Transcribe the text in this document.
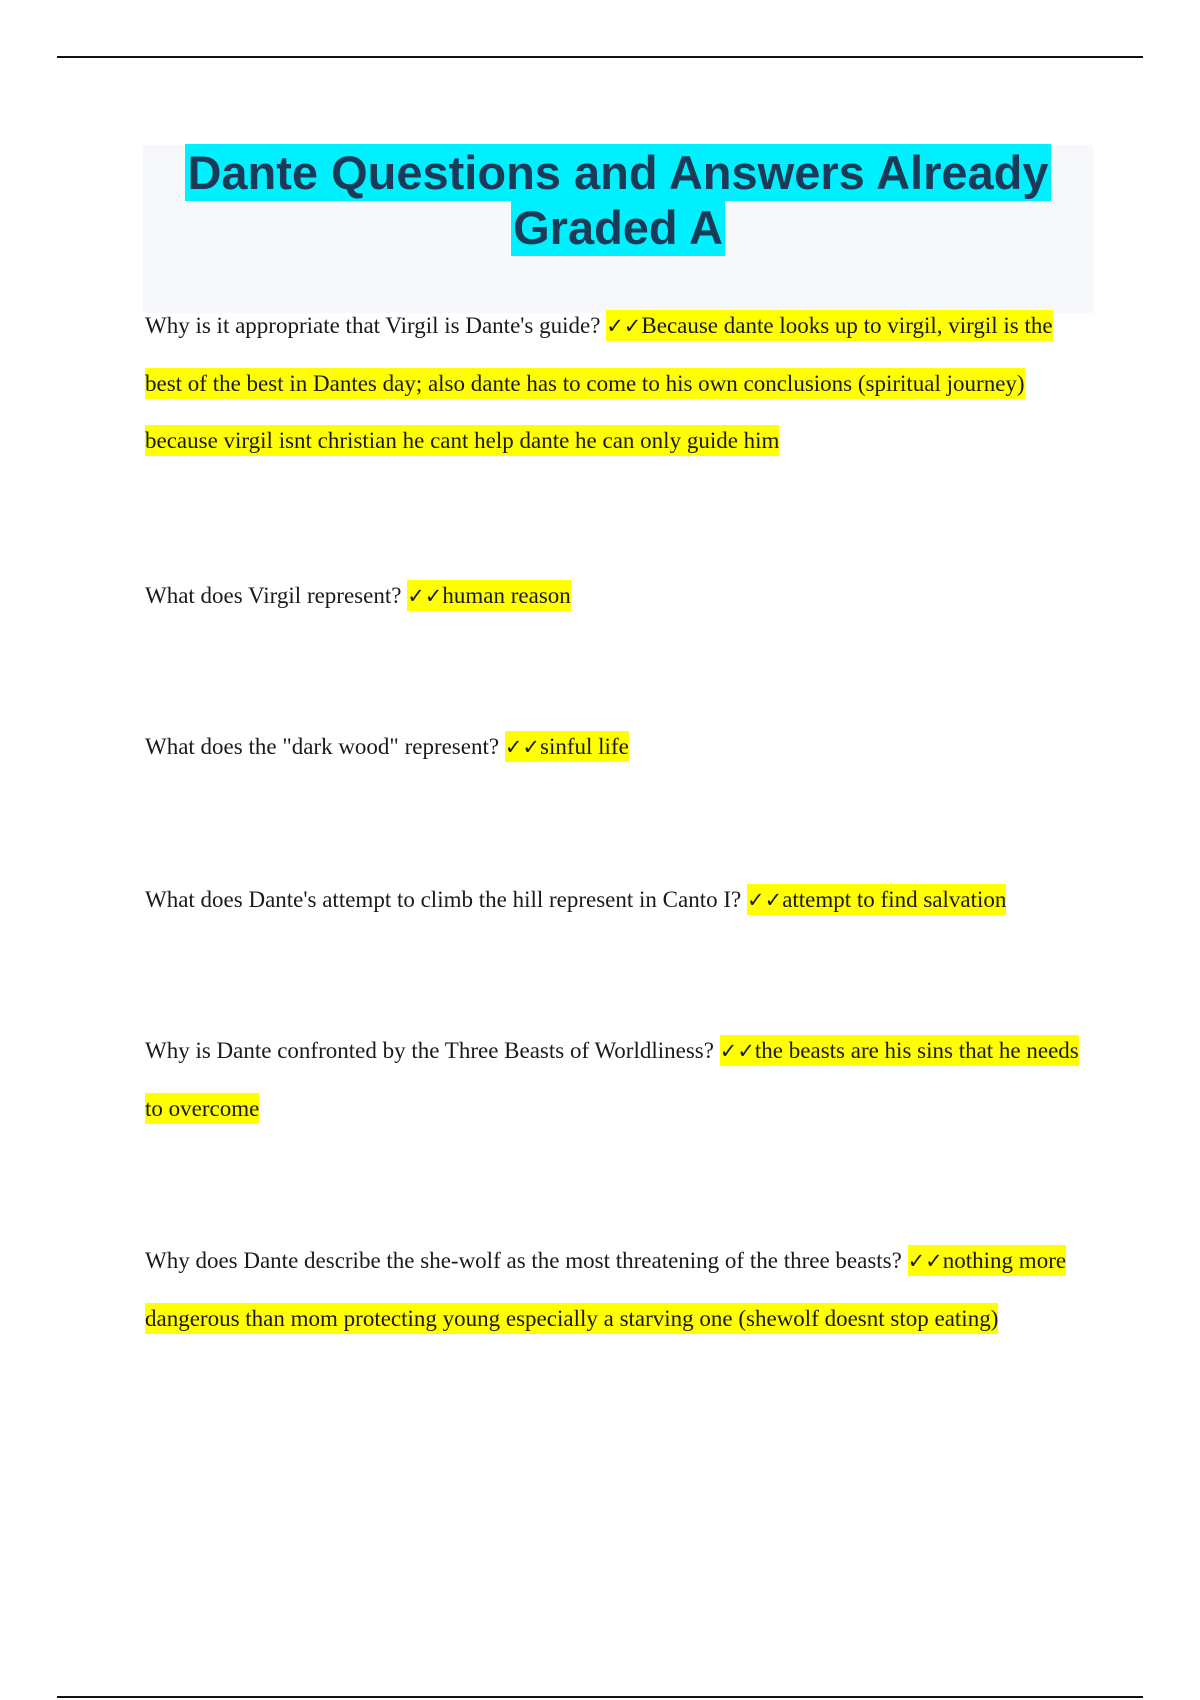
Dante Questions and Answers Already Graded A

Why is it appropriate that Virgil is Dante's guide? ✓✓Because dante looks up to virgil, virgil is the best of the best in Dantes day; also dante has to come to his own conclusions (spiritual journey) because virgil isnt christian he cant help dante he can only guide him

What does Virgil represent? ✓✓human reason

What does the "dark wood" represent? ✓✓sinful life

What does Dante's attempt to climb the hill represent in Canto I? ✓✓attempt to find salvation

Why is Dante confronted by the Three Beasts of Worldliness? ✓✓the beasts are his sins that he needs to overcome

Why does Dante describe the she-wolf as the most threatening of the three beasts? ✓✓nothing more dangerous than mom protecting young especially a starving one (shewolf doesnt stop eating)
